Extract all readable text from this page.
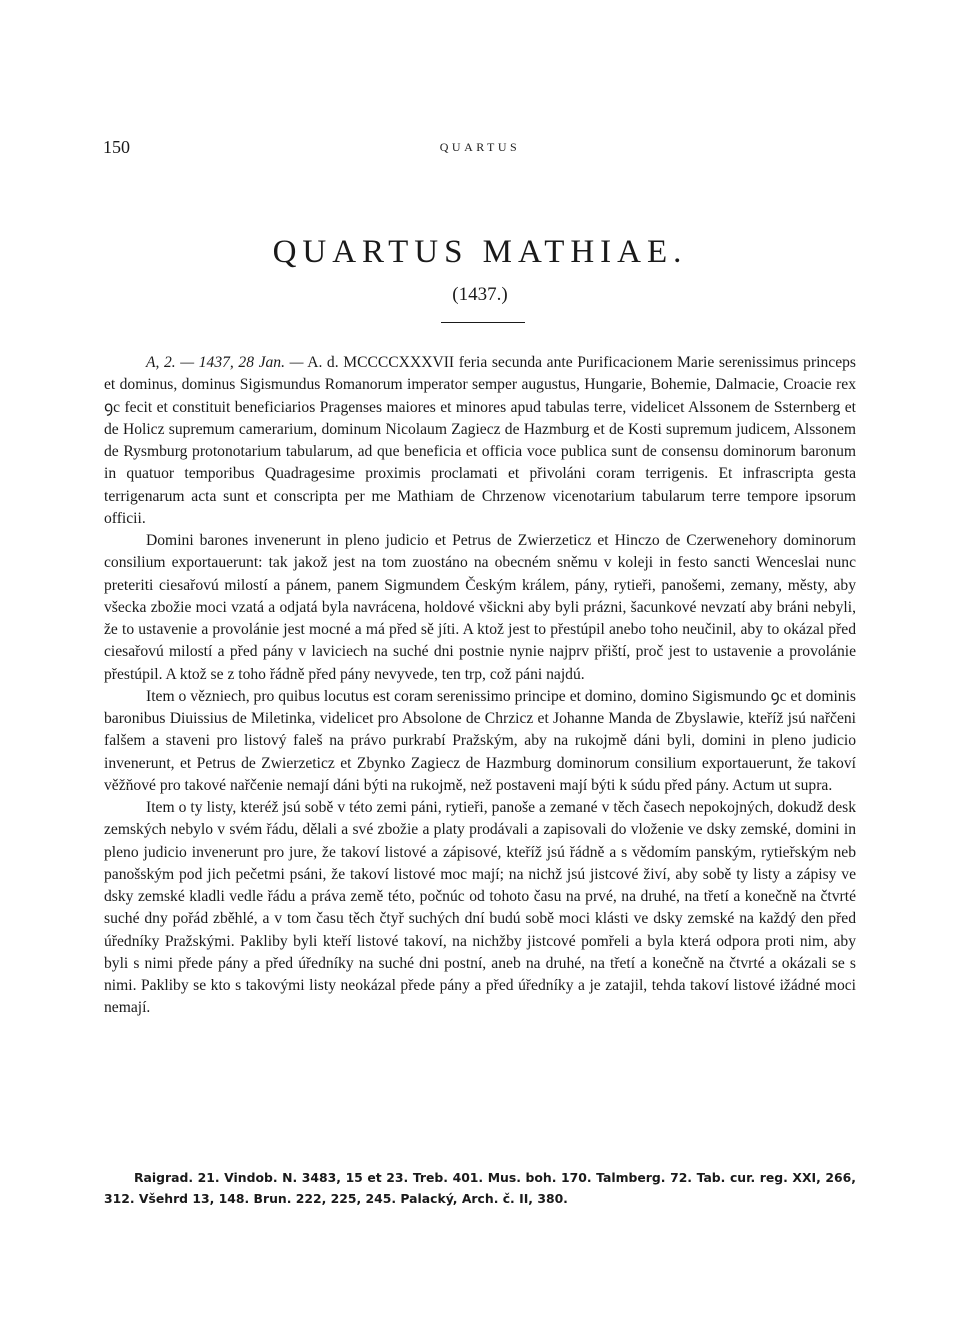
150	QUARTUS
QUARTUS MATHIAE.
(1437.)

A, 2. — 1437, 28 Jan. — A. d. MCCCCXXXVII feria secunda ante Purificacionem Marie serenissimus princeps et dominus, dominus Sigismundus Romanorum imperator semper augustus, Hungarie, Bohemie, Dalmacie, Croacie rex ꝯc fecit et constituit beneficiarios Pragenses maiores et minores apud tabulas terre, videlicet Alssonem de Ssternberg et de Holicz supremum camerarium, dominum Nicolaum Zagiecz de Hazmburg et de Kosti supremum judicem, Alssonem de Rysmburg protonotarium tabularum, ad que beneficia et officia voce publica sunt de consensu dominorum baronum in quatuor temporibus Quadragesime proximis proclamati et přivoláni coram terrigenis. Et infrascripta gesta terrigenarum acta sunt et conscripta per me Mathiam de Chrzenow vicenotarium tabularum terre tempore ipsorum officii.

Domini barones invenerunt in pleno judicio et Petrus de Zwierzeticz et Hinczo de Czerwenehory dominorum consilium exportauerunt: tak jakož jest na tom zuostáno na obecném sněmu v koleji in festo sancti Wenceslai nunc preteriti ciesařovú milostí a pánem, panem Sigmundem Českým králem, pány, rytieři, panošemi, zemany, městy, aby všecka zbožie moci vzatá a odjatá byla navrácena, holdové všickni aby byli prázni, šacunkové nevzatí aby bráni nebyli, že to ustavenie a provolánie jest mocné a má před sě jíti. A ktož jest to přestúpil anebo toho neučinil, aby to okázal před ciesařovú milostí a před pány v laviciech na suché dni postnie nynie najprv přiští, proč jest to ustavenie a provolánie přestúpil. A ktož se z toho řádně před pány nevyvede, ten trp, což páni najdú.

Item o vězniech, pro quibus locutus est coram serenissimo principe et domino, domino Sigismundo ꝯc et dominis baronibus Diuissius de Miletinka, videlicet pro Absolone de Chrzicz et Johanne Manda de Zbyslawie, kteříž jsú nařčeni falšem a staveni pro listový faleš na právo purkrabí Pražským, aby na rukojmě dáni byli, domini in pleno judicio invenerunt, et Petrus de Zwierzeticz et Zbynko Zagiecz de Hazmburg dominorum consilium exportauerunt, že takoví věžňové pro takové nařčenie nemají dáni býti na rukojmě, než postaveni mají býti k súdu před pány. Actum ut supra.

Item o ty listy, kteréž jsú sobě v této zemi páni, rytieři, panoše a zemané v těch časech nepokojných, dokudž desk zemských nebylo v svém řádu, dělali a své zbožie a platy prodávali a zapisovali do vloženie ve dsky zemské, domini in pleno judicio invenerunt pro jure, že takoví listové a zápisové, kteříž jsú řádně a s vědomím panským, rytieřským neb panošským pod jich pečetmi psáni, že takoví listové moc mají; na nichž jsú jistcové živí, aby sobě ty listy a zápisy ve dsky zemské kladli vedle řádu a práva země této, počnúc od tohoto času na prvé, na druhé, na třetí a konečně na čtvrté suché dny pořád zběhlé, a v tom času těch čtyř suchých dní budú sobě moci klásti ve dsky zemské na každý den před úředníky Pražskými. Pakliby byli kteří listové takoví, na nichžby jistcové pomřeli a byla která odpora proti nim, aby byli s nimi přede pány a před úředníky na suché dni postní, aneb na druhé, na třetí a konečně na čtvrté a okázali se s nimi. Pakliby se kto s takovými listy neokázal přede pány a před úředníky a je zatajil, tehda takoví listové ižádné moci nemají.

Raigrad. 21. Vindob. N. 3483, 15 et 23. Treb. 401. Mus. boh. 170. Talmberg. 72. Tab. cur. reg. XXI, 266, 312. Všehrd 13, 148. Brun. 222, 225, 245. Palacký, Arch. č. II, 380.
